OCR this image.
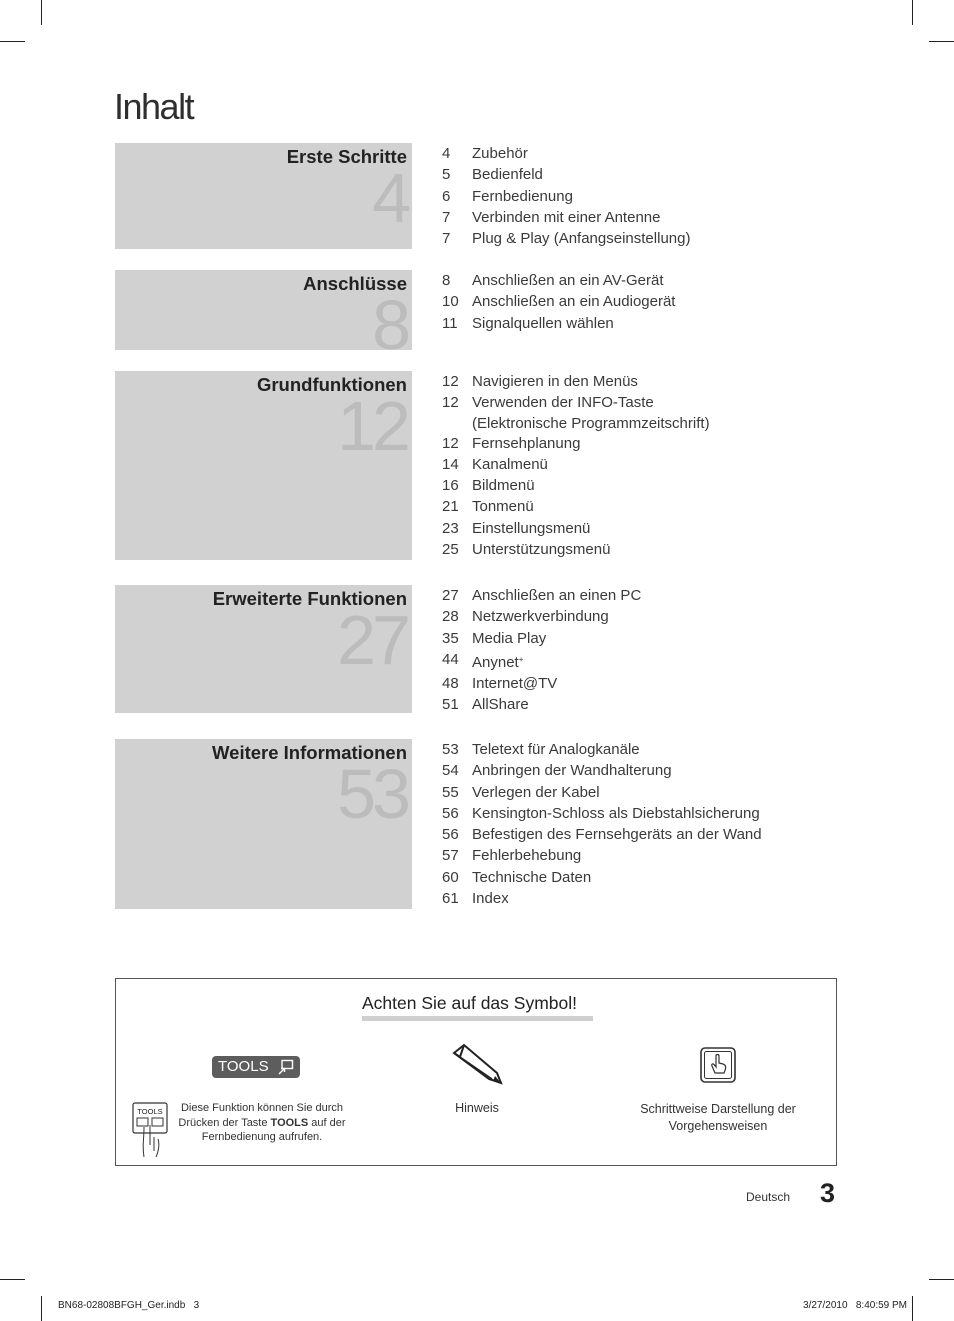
Inhalt
Erste Schritte
4
4 Zubehör
5 Bedienfeld
6 Fernbedienung
7 Verbinden mit einer Antenne
7 Plug & Play (Anfangseinstellung)
Anschlüsse
8
8 Anschließen an ein AV-Gerät
10 Anschließen an ein Audiogerät
11 Signalquellen wählen
Grundfunktionen
12
12 Navigieren in den Menüs
12 Verwenden der INFO-Taste
(Elektronische Programmzeitschrift)
12 Fernsehplanung
14 Kanalmenü
16 Bildmenü
21 Tonmenü
23 Einstellungsmenü
25 Unterstützungsmenü
Erweiterte Funktionen
27
27 Anschließen an einen PC
28 Netzwerkverbindung
35 Media Play
44 Anynet+
48 Internet@TV
51 AllShare
Weitere Informationen
53
53 Teletext für Analogkanäle
54 Anbringen der Wandhalterung
55 Verlegen der Kabel
56 Kensington-Schloss als Diebstahlsicherung
56 Befestigen des Fernsehgeräts an der Wand
57 Fehlerbehebung
60 Technische Daten
61 Index
Achten Sie auf das Symbol!
TOOLS
TOOLS	Diese Funktion können Sie durch
Drücken der Taste TOOLS auf der
Fernbedienung aufrufen.
Hinweis	Schrittweise Darstellung der
Vorgehensweisen
Deutsch 3
BN68-02808BFGH_Ger.indb   3	3/27/2010   8:40:59 PM
